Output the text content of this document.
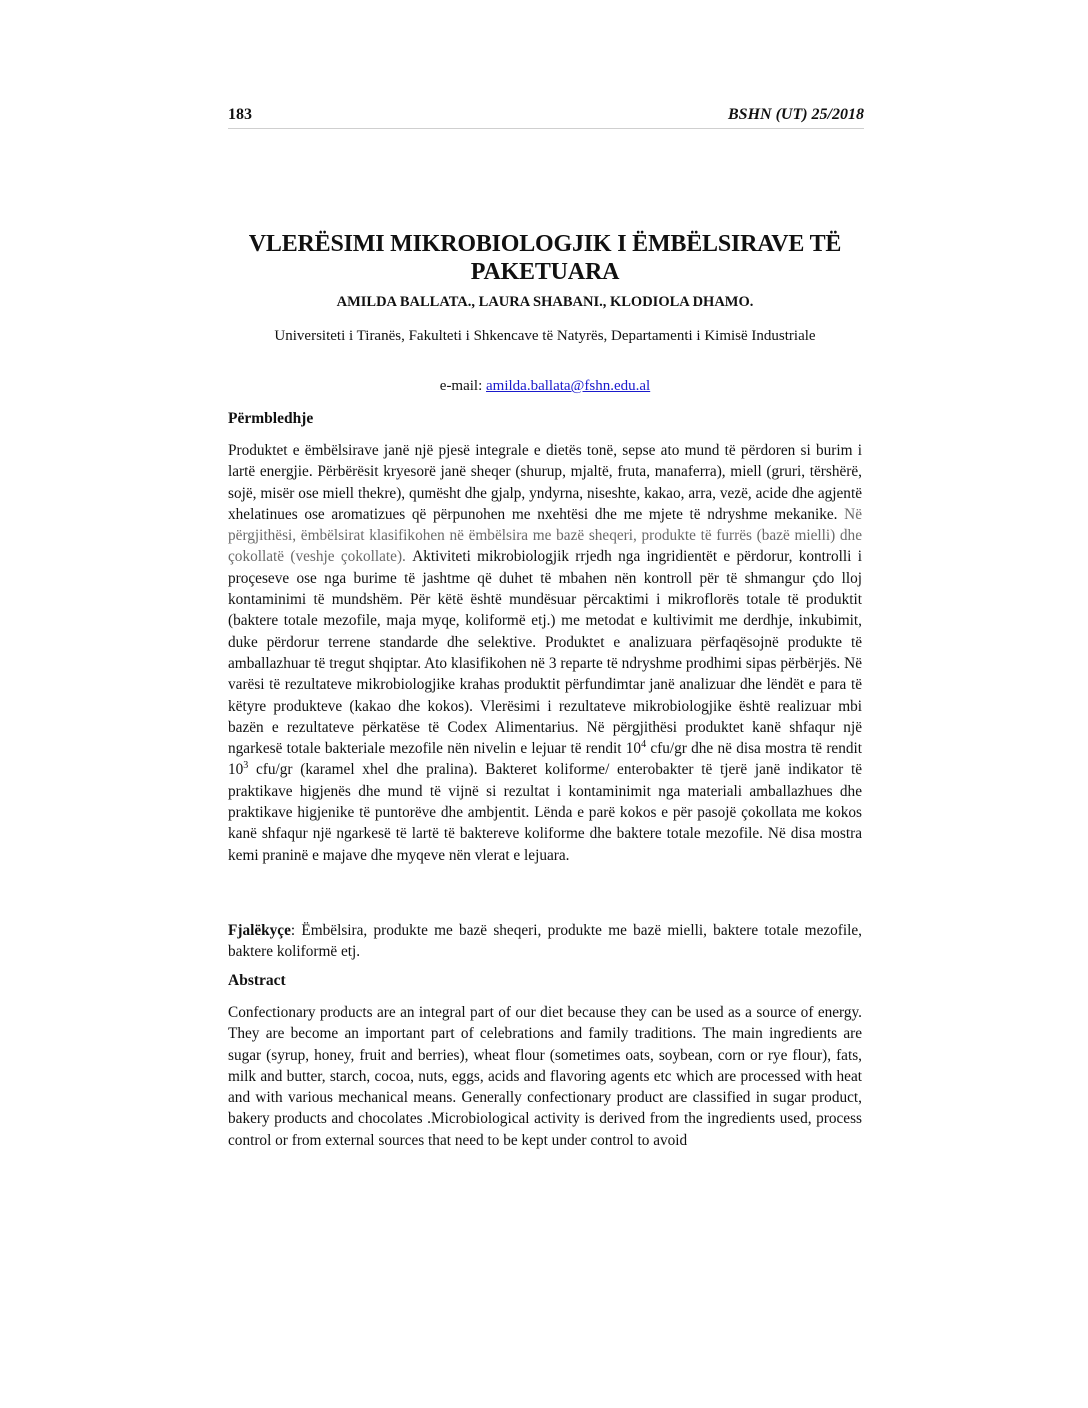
183	BSHN (UT) 25/2018
VLERËSIMI MIKROBIOLOGJIK I ËMBËLSIRAVE TË PAKETUARA
AMILDA BALLATA., LAURA SHABANI., KLODIOLA DHAMO.
Universiteti i Tiranës, Fakulteti i Shkencave të Natyrës, Departamenti i Kimisë Industriale
e-mail: amilda.ballata@fshn.edu.al
Përmbledhje
Produktet e ëmbëlsirave janë një pjesë integrale e dietës tonë, sepse ato mund të përdoren si burim i lartë energjie. Përbërësit kryesorë janë sheqer (shurup, mjaltë, fruta, manaferra), miell (gruri, tërshërë, sojë, misër ose miell thekre), qumësht dhe gjalp, yndyrna, niseshte, kakao, arra, vezë, acide dhe agjentë xhelatinues ose aromatizues që përpunohen me nxehtësi dhe me mjete të ndryshme mekanike. Në përgjithësi, ëmbëlsirat klasifikohen në ëmbëlsira me bazë sheqeri, produkte të furrës (bazë mielli) dhe çokollatë (veshje çokollate). Aktiviteti mikrobiologjik rrjedh nga ingridientët e përdorur, kontrolli i proçeseve ose nga burime të jashtme që duhet të mbahen nën kontroll për të shmangur çdo lloj kontaminimi të mundshëm. Për këtë është mundësuar përcaktimi i mikroflorës totale të produktit (baktere totale mezofile, maja myqe, koliformë etj.) me metodat e kultivimit me derdhje, inkubimit, duke përdorur terrene standarde dhe selektive. Produktet e analizuara përfaqësojnë produkte të amballazhuar të tregut shqiptar. Ato klasifikohen në 3 reparte të ndryshme prodhimi sipas përbërjës. Në varësi të rezultateve mikrobiologjike krahas produktit përfundimtar janë analizuar dhe lëndët e para të këtyre produkteve (kakao dhe kokos). Vlerësimi i rezultateve mikrobiologjike është realizuar mbi bazën e rezultateve përkatëse të Codex Alimentarius. Në përgjithësi produktet kanë shfaqur një ngarkesë totale bakteriale mezofile nën nivelin e lejuar të rendit $10^4$ cfu/gr dhe në disa mostra të rendit $10^3$ cfu/gr (karamel xhel dhe pralina). Bakteret koliforme/ enterobakter të tjerë janë indikator të praktikave higjenës dhe mund të vijnë si rezultat i kontaminimit nga materiali amballazhues dhe praktikave higjenike të puntorëve dhe ambjentit. Lënda e parë kokos e për pasojë çokollata me kokos kanë shfaqur një ngarkesë të lartë të baktereve koliforme dhe baktere totale mezofile. Në disa mostra kemi praninë e majave dhe myqeve nën vlerat e lejuara.
Fjalëkyçe: Ëmbëlsira, produkte me bazë sheqeri, produkte me bazë mielli, baktere totale mezofile, baktere koliformë etj.
Abstract
Confectionary products are an integral part of our diet because they can be used as a source of energy. They are become an important part of celebrations and family traditions. The main ingredients are sugar (syrup, honey, fruit and berries), wheat flour (sometimes oats, soybean, corn or rye flour), fats, milk and butter, starch, cocoa, nuts, eggs, acids and flavoring agents etc which are processed with heat and with various mechanical means. Generally confectionary product are classified in sugar product, bakery products and chocolates .Microbiological activity is derived from the ingredients used, process control or from external sources that need to be kept under control to avoid
